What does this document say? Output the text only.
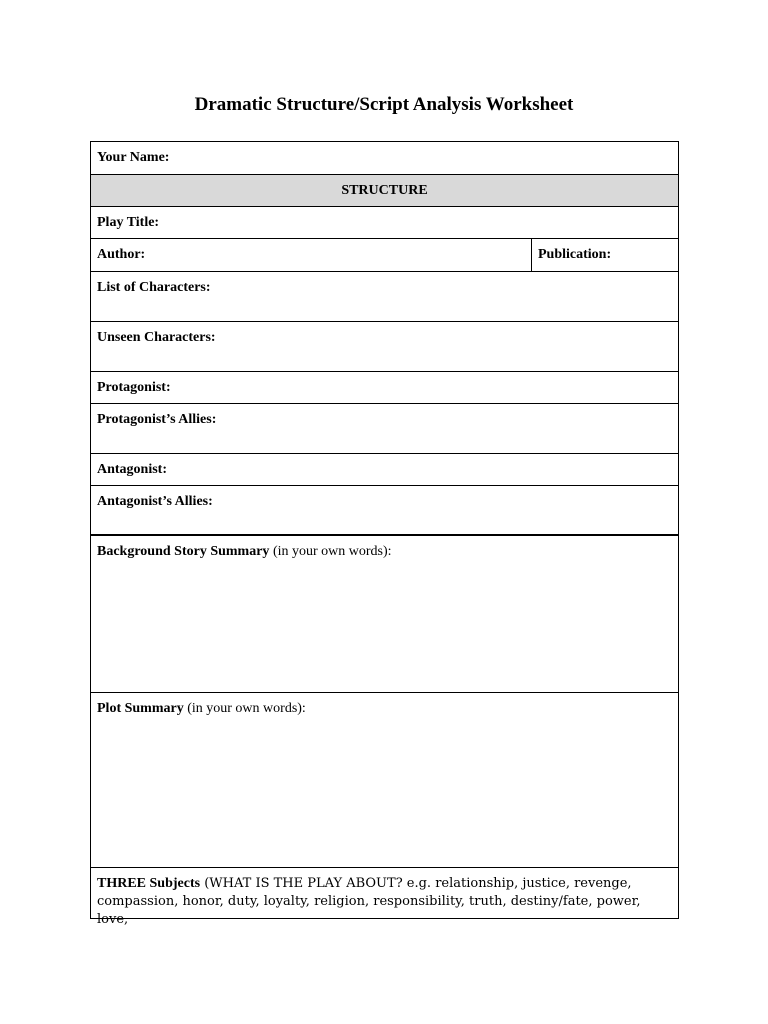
Dramatic Structure/Script Analysis Worksheet
Your Name:
STRUCTURE
Play Title:
Author:	Publication:
List of Characters:
Unseen Characters:
Protagonist:
Protagonist’s Allies:
Antagonist:
Antagonist’s Allies:
Background Story Summary (in your own words):
Plot Summary (in your own words):
THREE Subjects (WHAT IS THE PLAY ABOUT? e.g. relationship, justice, revenge, compassion, honor, duty, loyalty, religion, responsibility, truth, destiny/fate, power, love,
